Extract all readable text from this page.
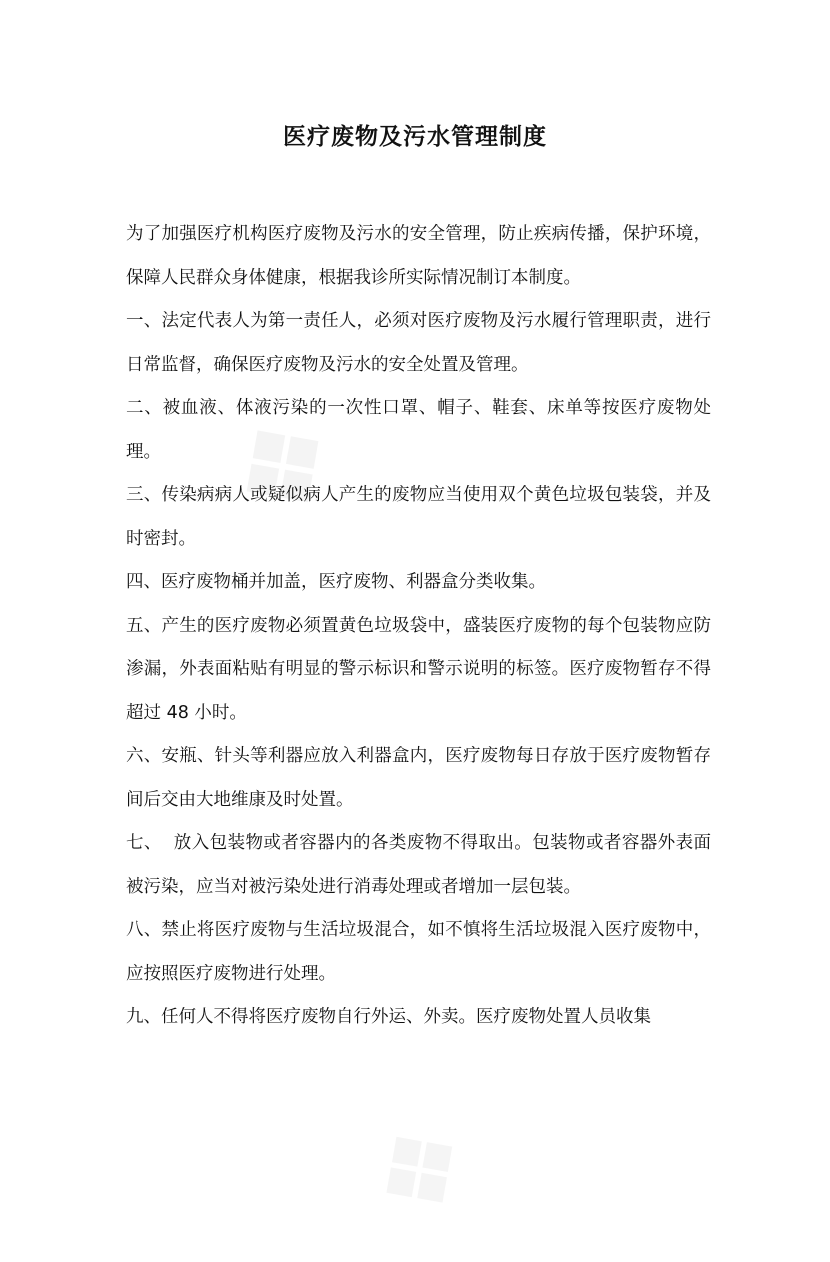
医疗废物及污水管理制度

为了加强医疗机构医疗废物及污水的安全管理，防止疾病传播，保护环境，保障人民群众身体健康，根据我诊所实际情况制订本制度。

一、法定代表人为第一责任人，必须对医疗废物及污水履行管理职责，进行日常监督，确保医疗废物及污水的安全处置及管理。

二、被血液、体液污染的一次性口罩、帽子、鞋套、床单等按医疗废物处理。

三、传染病病人或疑似病人产生的废物应当使用双个黄色垃圾包装袋，并及时密封。

四、医疗废物桶并加盖，医疗废物、利器盒分类收集。

五、产生的医疗废物必须置黄色垃圾袋中，盛装医疗废物的每个包装物应防渗漏，外表面粘贴有明显的警示标识和警示说明的标签。医疗废物暂存不得超过 48 小时。

六、安瓶、针头等利器应放入利器盒内，医疗废物每日存放于医疗废物暂存间后交由大地维康及时处置。

七、  放入包装物或者容器内的各类废物不得取出。包装物或者容器外表面被污染，应当对被污染处进行消毒处理或者增加一层包装。

八、禁止将医疗废物与生活垃圾混合，如不慎将生活垃圾混入医疗废物中，应按照医疗废物进行处理。

九、任何人不得将医疗废物自行外运、外卖。医疗废物处置人员收集
